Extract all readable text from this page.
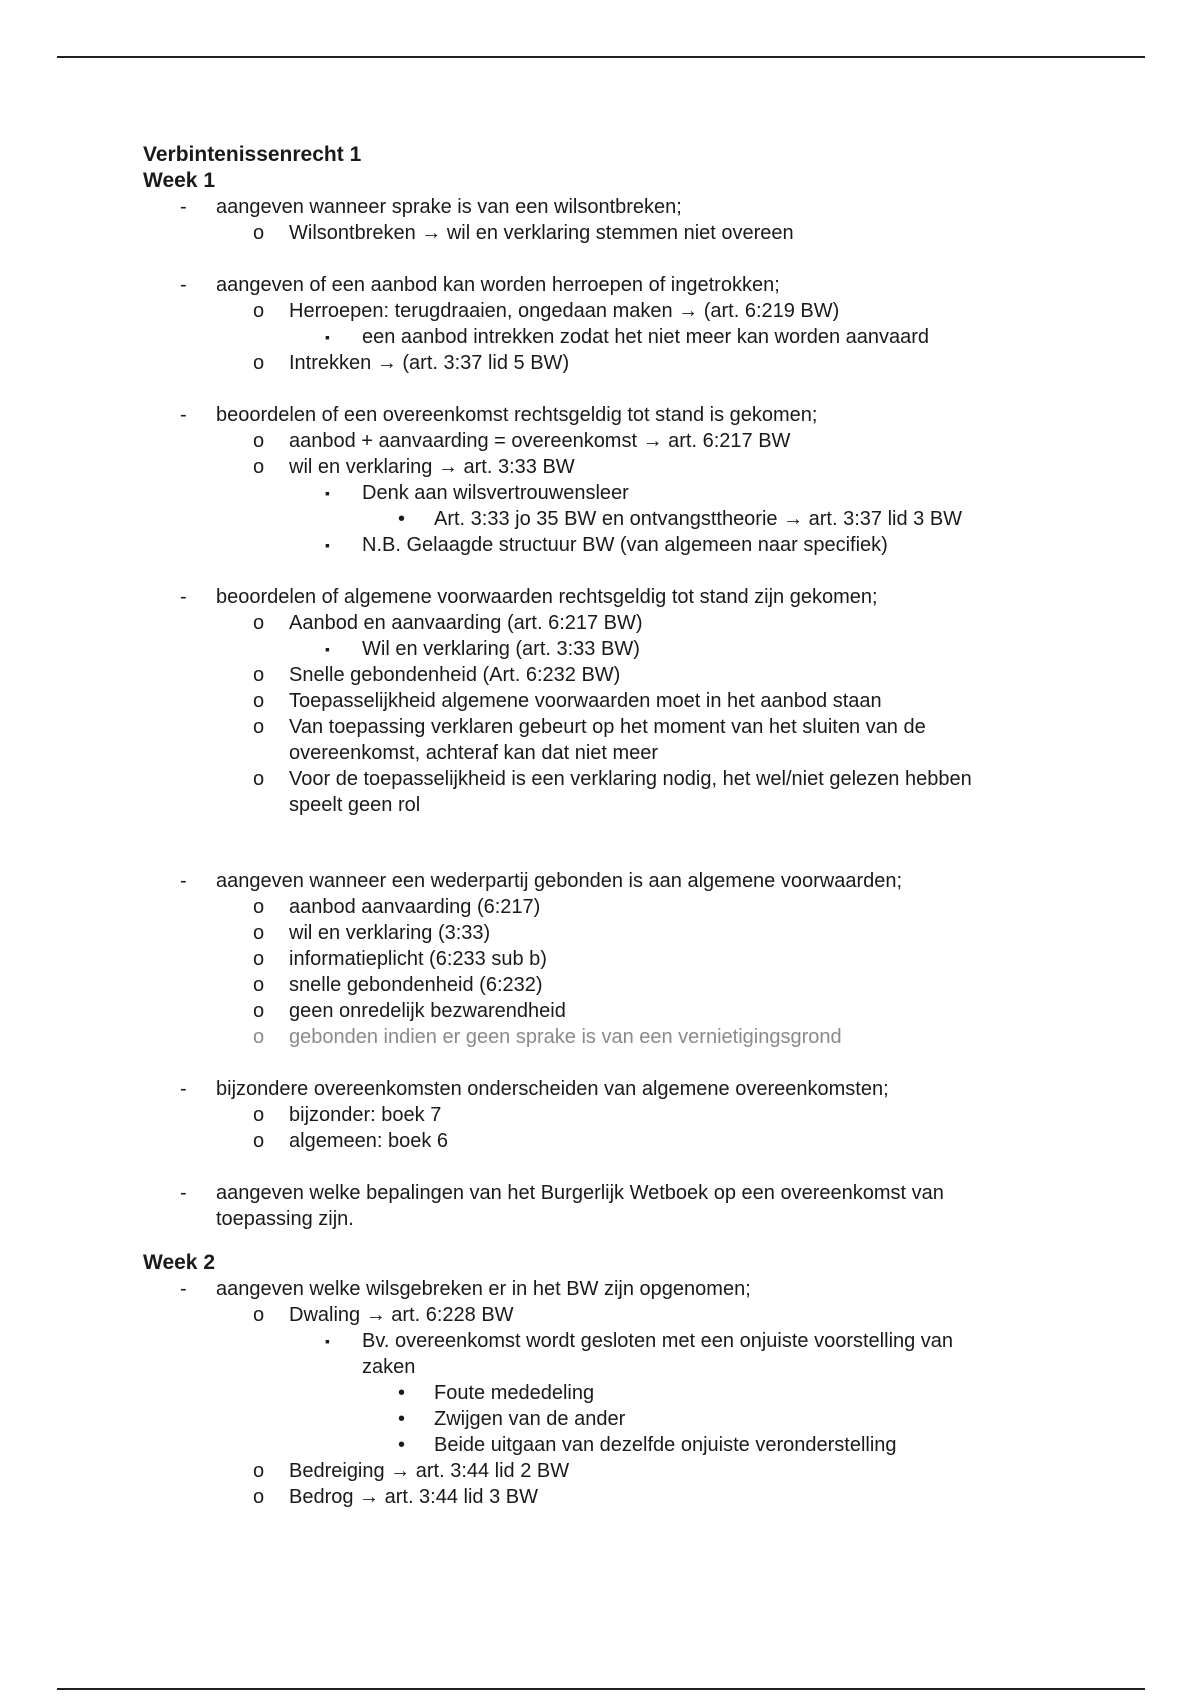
Verbintenissenrecht 1
Week 1
- aangeven wanneer sprake is van een wilsontbreken;
o Wilsontbreken → wil en verklaring stemmen niet overeen
- aangeven of een aanbod kan worden herroepen of ingetrokken;
o Herroepen: terugdraaien, ongedaan maken → (art. 6:219 BW)
▪ een aanbod intrekken zodat het niet meer kan worden aanvaard
o Intrekken → (art. 3:37 lid 5 BW)
- beoordelen of een overeenkomst rechtsgeldig tot stand is gekomen;
o aanbod + aanvaarding = overeenkomst → art. 6:217 BW
o wil en verklaring → art. 3:33 BW
▪ Denk aan wilsvertrouwensleer
• Art. 3:33 jo 35 BW en ontvangsttheorie → art. 3:37 lid 3 BW
▪ N.B. Gelaagde structuur BW (van algemeen naar specifiek)
- beoordelen of algemene voorwaarden rechtsgeldig tot stand zijn gekomen;
o Aanbod en aanvaarding (art. 6:217 BW)
▪ Wil en verklaring (art. 3:33 BW)
o Snelle gebondenheid (Art. 6:232 BW)
o Toepasselijkheid algemene voorwaarden moet in het aanbod staan
o Van toepassing verklaren gebeurt op het moment van het sluiten van de
overeenkomst, achteraf kan dat niet meer
o Voor de toepasselijkheid is een verklaring nodig, het wel/niet gelezen hebben
speelt geen rol
- aangeven wanneer een wederpartij gebonden is aan algemene voorwaarden;
o aanbod aanvaarding (6:217)
o wil en verklaring (3:33)
o informatieplicht (6:233 sub b)
o snelle gebondenheid (6:232)
o geen onredelijk bezwarendheid
o gebonden indien er geen sprake is van een vernietigingsgrond
- bijzondere overeenkomsten onderscheiden van algemene overeenkomsten;
o bijzonder: boek 7
o algemeen: boek 6
- aangeven welke bepalingen van het Burgerlijk Wetboek op een overeenkomst van
toepassing zijn.
Week 2
- aangeven welke wilsgebreken er in het BW zijn opgenomen;
o Dwaling → art. 6:228 BW
▪ Bv. overeenkomst wordt gesloten met een onjuiste voorstelling van
zaken
• Foute mededeling
• Zwijgen van de ander
• Beide uitgaan van dezelfde onjuiste veronderstelling
o Bedreiging → art. 3:44 lid 2 BW
o Bedrog → art. 3:44 lid 3 BW
